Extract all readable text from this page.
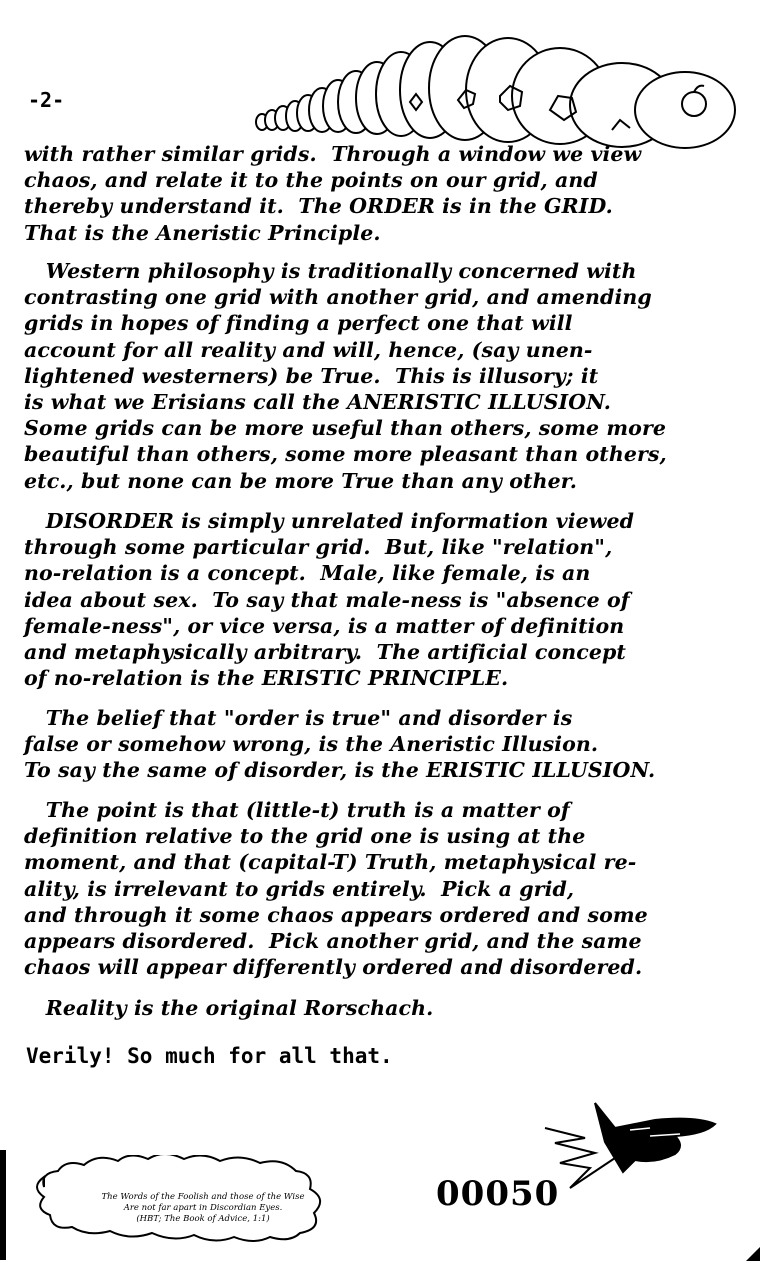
-2-
with rather similar grids.  Through a window we view
chaos, and relate it to the points on our grid, and
thereby understand it.  The ORDER is in the GRID.
That is the Aneristic Principle.
Western philosophy is traditionally concerned with
contrasting one grid with another grid, and amending
grids in hopes of finding a perfect one that will
account for all reality and will, hence, (say unen-
lightened westerners) be True.  This is illusory; it
is what we Erisians call the ANERISTIC ILLUSION.
Some grids can be more useful than others, some more
beautiful than others, some more pleasant than others,
etc., but none can be more True than any other.
DISORDER is simply unrelated information viewed
through some particular grid.  But, like "relation",
no-relation is a concept.  Male, like female, is an
idea about sex.  To say that male-ness is "absence of
female-ness", or vice versa, is a matter of definition
and metaphysically arbitrary.  The artificial concept
of no-relation is the ERISTIC PRINCIPLE.
The belief that "order is true" and disorder is
false or somehow wrong, is the Aneristic Illusion.
To say the same of disorder, is the ERISTIC ILLUSION.
The point is that (little-t) truth is a matter of
definition relative to the grid one is using at the
moment, and that (capital-T) Truth, metaphysical re-
ality, is irrelevant to grids entirely.  Pick a grid,
and through it some chaos appears ordered and some
appears disordered.  Pick another grid, and the same
chaos will appear differently ordered and disordered.
Reality is the original Rorschach.
Verily! So much for all that.
00050
The Words of the Foolish and those of the Wise
Are not far apart in Discordian Eyes.
(HBT; The Book of Advice, 1:1)
